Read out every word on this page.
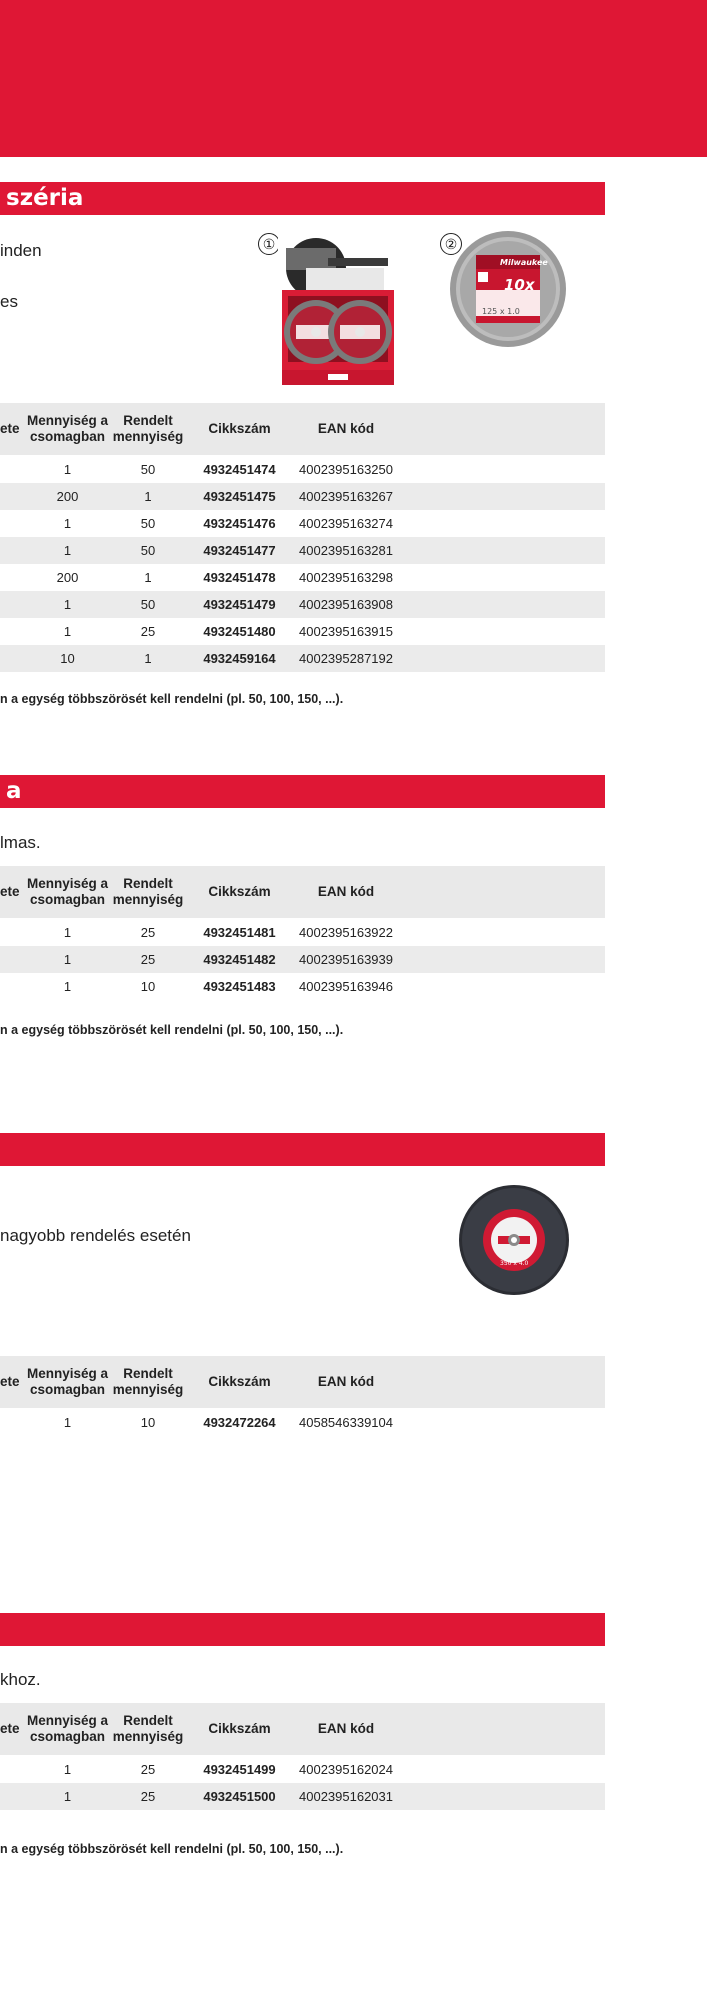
széria
inden
es
①	②
Milwaukee
10x
125 x 1.0
ete
Mennyiség a csomagban
Rendelt mennyiség
Cikkszám	EAN kód
1	50	4932451474	4002395163250
200	1	4932451475	4002395163267
1	50	4932451476	4002395163274
1	50	4932451477	4002395163281
200	1	4932451478	4002395163298
1	50	4932451479	4002395163908
1	25	4932451480	4002395163915
10	1	4932459164	4002395287192
n a egység többszörösét kell rendelni (pl. 50, 100, 150, ...).
a
lmas.
ete
Mennyiség a csomagban
Rendelt mennyiség
Cikkszám	EAN kód
1	25	4932451481	4002395163922
1	25	4932451482	4002395163939
1	10	4932451483	4002395163946
n a egység többszörösét kell rendelni (pl. 50, 100, 150, ...).
nagyobb rendelés esetén
350 x 4.0
ete
Mennyiség a csomagban
Rendelt mennyiség
Cikkszám	EAN kód
1	10	4932472264	4058546339104
khoz.
ete
Mennyiség a csomagban
Rendelt mennyiség
Cikkszám	EAN kód
1	25	4932451499	4002395162024
1	25	4932451500	4002395162031
n a egység többszörösét kell rendelni (pl. 50, 100, 150, ...).
